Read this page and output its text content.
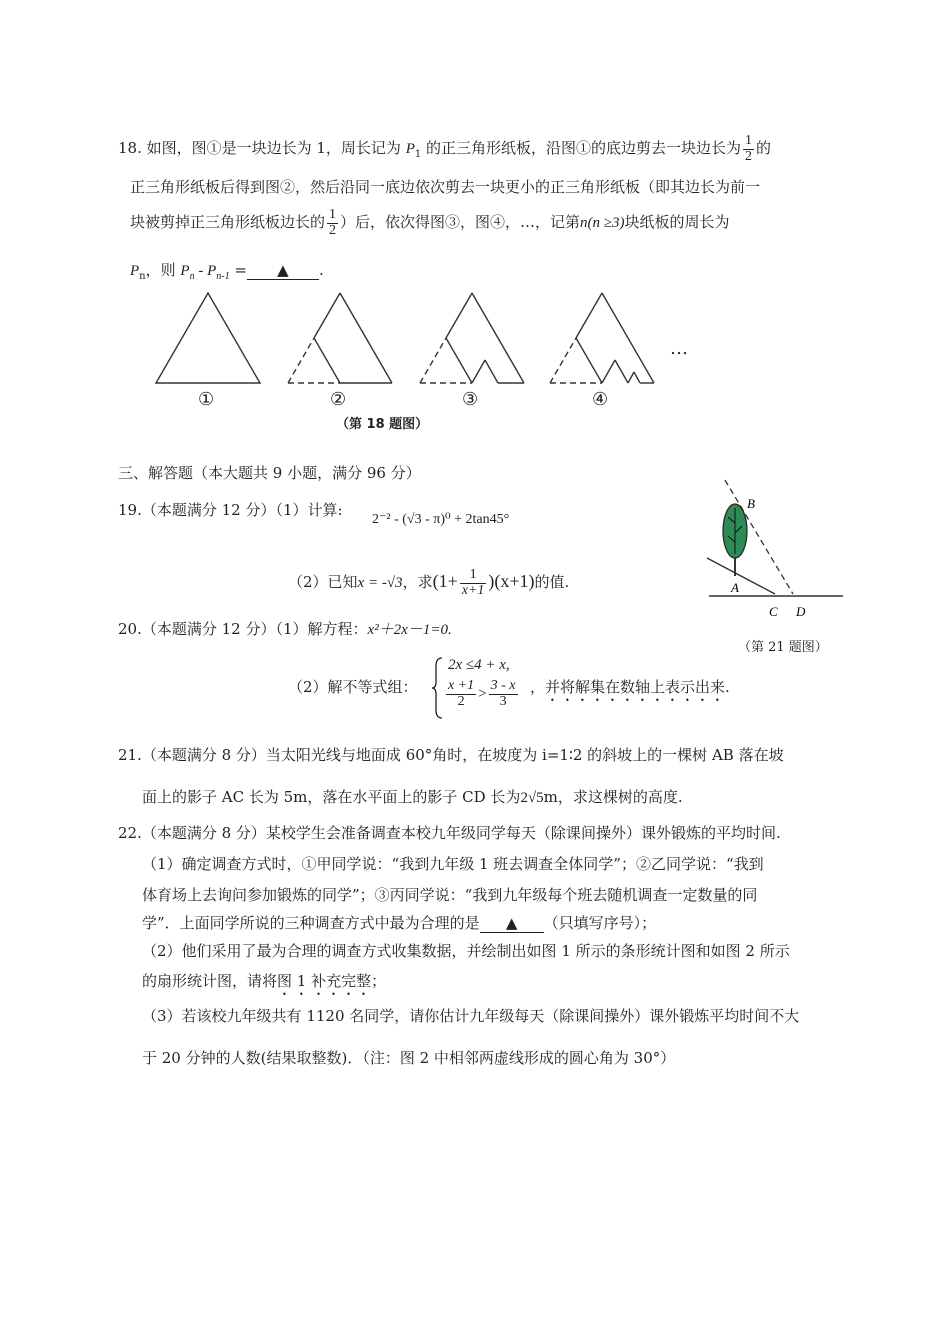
18. 如图，图①是一块边长为 1，周长记为 $P_1$ 的正三角形纸板，沿图①的底边剪去一块边长为 $\frac{1}{2}$ 的
正三角形纸板后得到图②，然后沿同一底边依次剪去一块更小的正三角形纸板（即其边长为前一
块被剪掉正三角形纸板边长的 $\frac{1}{2}$ ）后，依次得图③，图④，…，记第n(n ≥3)块纸板的周长为
$P_n$，则 $P_n - P_{n-1}$ = ▲ .
①	②	③	④
…
（第 18 题图）
三、解答题（本大题共 9 小题，满分 96 分）
19.（本题满分 12 分）（1）计算:
2⁻² - (√3 - π)⁰ + 2tan45°
（2）已知x = -√3，求$(1+ \frac{1}{x+1} )(x+1)$的值.
B
A
C D
（第 21 题图）
20.（本题满分 12 分）（1）解方程：x²＋2x－1=0.
（2）解不等式组：
2x ≤4 + x,
$\frac{x +1}{2} > \frac{3 - x}{3}$ ，并将解集在数轴上表示出来.
21.（本题满分 8 分）当太阳光线与地面成 60°角时，在坡度为 i=1∶2 的斜坡上的一棵树 AB 落在坡
面上的影子 AC 长为 5m，落在水平面上的影子 CD 长为2√5m，求这棵树的高度.
22.（本题满分 8 分）某校学生会准备调查本校九年级同学每天（除课间操外）课外锻炼的平均时间.
（1）确定调查方式时，①甲同学说：“我到九年级 1 班去调查全体同学”；②乙同学说：“我到
体育场上去询问参加锻炼的同学”；③丙同学说：“我到九年级每个班去随机调查一定数量的同
学”．上面同学所说的三种调查方式中最为合理的是 ▲ （只填写序号）；
（2）他们采用了最为合理的调查方式收集数据，并绘制出如图 1 所示的条形统计图和如图 2 所示
的扇形统计图，请将图 1 补充完整；
（3）若该校九年级共有 1120 名同学，请你估计九年级每天（除课间操外）课外锻炼平均时间不大
于 20 分钟的人数(结果取整数)．（注：图 2 中相邻两虚线形成的圆心角为 30°）
